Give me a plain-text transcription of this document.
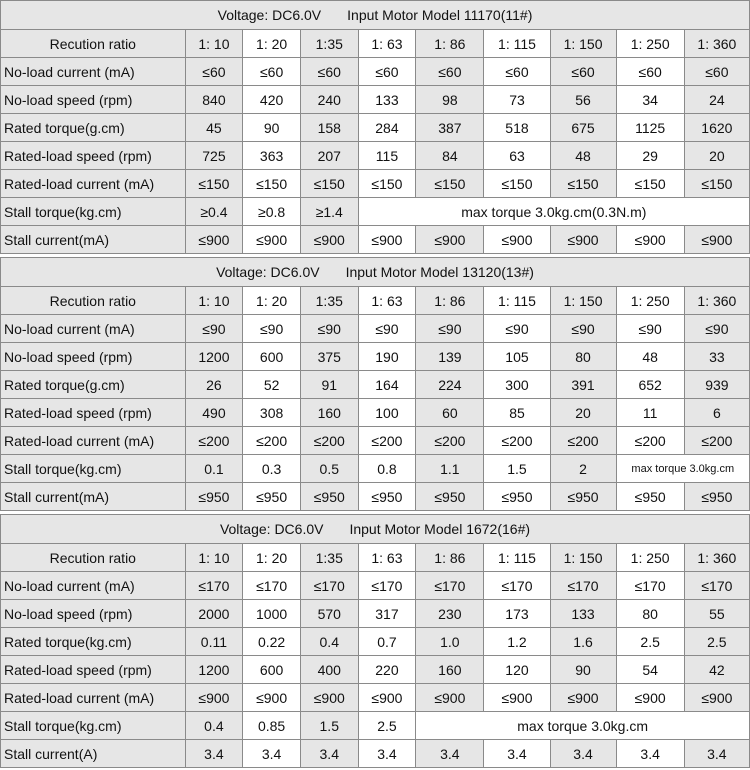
Voltage: DC6.0V Input Motor Model 11170(11#)									
Recution ratio	1: 10	1: 20	1:35	1: 63	1: 86	1: 115	1: 150	1: 250	1: 360
No-load current (mA)	≤60	≤60	≤60	≤60	≤60	≤60	≤60	≤60	≤60
No-load speed (rpm)	840	420	240	133	98	73	56	34	24
Rated torque(g.cm)	45	90	158	284	387	518	675	1125	1620
Rated-load speed (rpm)	725	363	207	115	84	63	48	29	20
Rated-load current (mA)	≤150	≤150	≤150	≤150	≤150	≤150	≤150	≤150	≤150
Stall torque(kg.cm)	≥0.4	≥0.8	≥1.4	max torque 3.0kg.cm(0.3N.m)					
Stall current(mA)	≤900	≤900	≤900	≤900	≤900	≤900	≤900	≤900	≤900
Voltage: DC6.0V Input Motor Model 13120(13#)									
Recution ratio	1: 10	1: 20	1:35	1: 63	1: 86	1: 115	1: 150	1: 250	1: 360
No-load current (mA)	≤90	≤90	≤90	≤90	≤90	≤90	≤90	≤90	≤90
No-load speed (rpm)	1200	600	375	190	139	105	80	48	33
Rated torque(g.cm)	26	52	91	164	224	300	391	652	939
Rated-load speed (rpm)	490	308	160	100	60	85	20	11	6
Rated-load current (mA)	≤200	≤200	≤200	≤200	≤200	≤200	≤200	≤200	≤200
Stall torque(kg.cm)	0.1	0.3	0.5	0.8	1.1	1.5	2	max torque 3.0kg.cm	
Stall current(mA)	≤950	≤950	≤950	≤950	≤950	≤950	≤950	≤950	≤950
Voltage: DC6.0V Input Motor Model 1672(16#)									
Recution ratio	1: 10	1: 20	1:35	1: 63	1: 86	1: 115	1: 150	1: 250	1: 360
No-load current (mA)	≤170	≤170	≤170	≤170	≤170	≤170	≤170	≤170	≤170
No-load speed (rpm)	2000	1000	570	317	230	173	133	80	55
Rated torque(kg.cm)	0.11	0.22	0.4	0.7	1.0	1.2	1.6	2.5	2.5
Rated-load speed (rpm)	1200	600	400	220	160	120	90	54	42
Rated-load current (mA)	≤900	≤900	≤900	≤900	≤900	≤900	≤900	≤900	≤900
Stall torque(kg.cm)	0.4	0.85	1.5	2.5	max torque 3.0kg.cm				
Stall current(A)	3.4	3.4	3.4	3.4	3.4	3.4	3.4	3.4	3.4
